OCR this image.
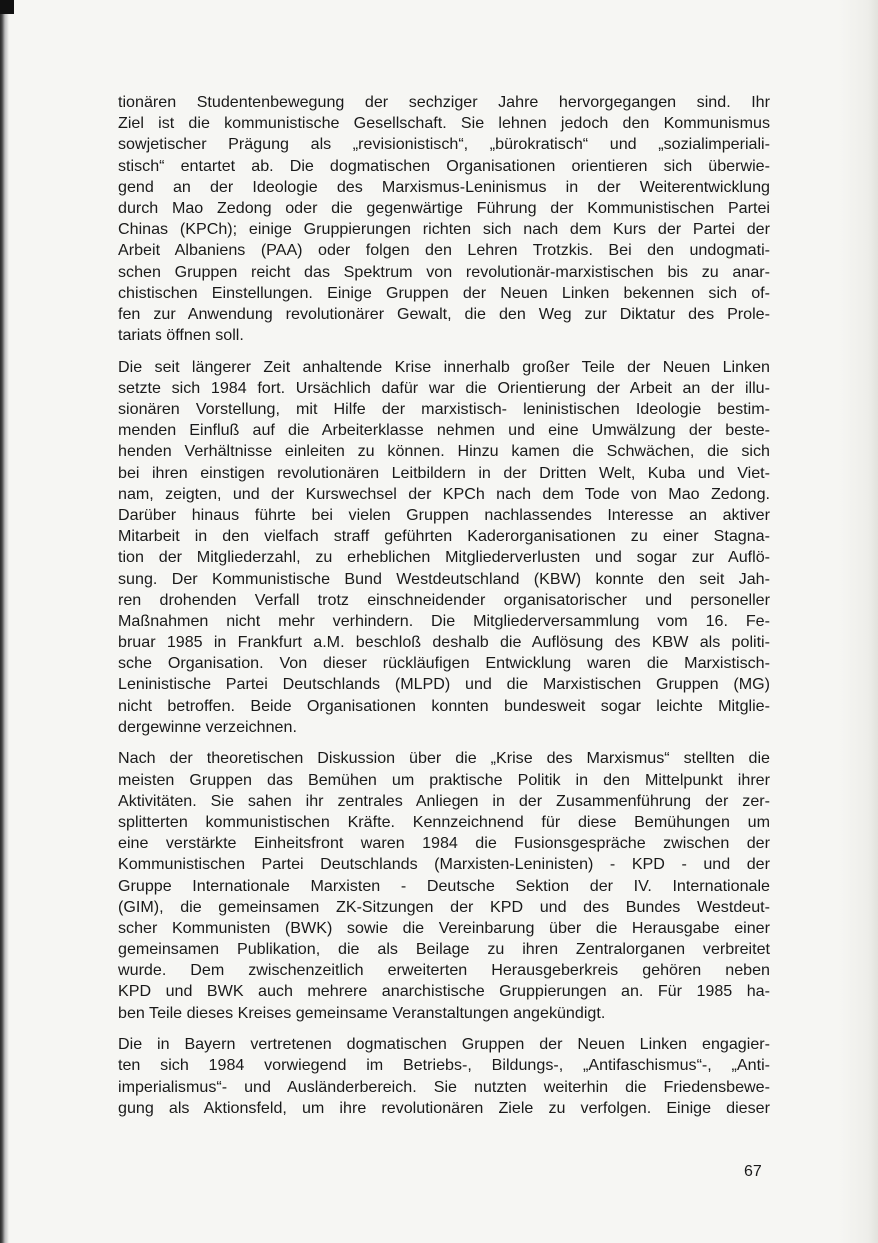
tionären Studentenbewegung der sechziger Jahre hervorgegangen sind. Ihr
Ziel ist die kommunistische Gesellschaft. Sie lehnen jedoch den Kommunismus
sowjetischer Prägung als „revisionistisch“, „bürokratisch“ und „sozialimperiali-
stisch“ entartet ab. Die dogmatischen Organisationen orientieren sich überwie-
gend an der Ideologie des Marxismus-Leninismus in der Weiterentwicklung
durch Mao Zedong oder die gegenwärtige Führung der Kommunistischen Partei
Chinas (KPCh); einige Gruppierungen richten sich nach dem Kurs der Partei der
Arbeit Albaniens (PAA) oder folgen den Lehren Trotzkis. Bei den undogmati-
schen Gruppen reicht das Spektrum von revolutionär-marxistischen bis zu anar-
chistischen Einstellungen. Einige Gruppen der Neuen Linken bekennen sich of-
fen zur Anwendung revolutionärer Gewalt, die den Weg zur Diktatur des Prole-
tariats öffnen soll.
Die seit längerer Zeit anhaltende Krise innerhalb großer Teile der Neuen Linken
setzte sich 1984 fort. Ursächlich dafür war die Orientierung der Arbeit an der illu-
sionären Vorstellung, mit Hilfe der marxistisch- leninistischen Ideologie bestim-
menden Einfluß auf die Arbeiterklasse nehmen und eine Umwälzung der beste-
henden Verhältnisse einleiten zu können. Hinzu kamen die Schwächen, die sich
bei ihren einstigen revolutionären Leitbildern in der Dritten Welt, Kuba und Viet-
nam, zeigten, und der Kurswechsel der KPCh nach dem Tode von Mao Zedong.
Darüber hinaus führte bei vielen Gruppen nachlassendes Interesse an aktiver
Mitarbeit in den vielfach straff geführten Kaderorganisationen zu einer Stagna-
tion der Mitgliederzahl, zu erheblichen Mitgliederverlusten und sogar zur Auflö-
sung. Der Kommunistische Bund Westdeutschland (KBW) konnte den seit Jah-
ren drohenden Verfall trotz einschneidender organisatorischer und personeller
Maßnahmen nicht mehr verhindern. Die Mitgliederversammlung vom 16. Fe-
bruar 1985 in Frankfurt a.M. beschloß deshalb die Auflösung des KBW als politi-
sche Organisation. Von dieser rückläufigen Entwicklung waren die Marxistisch-
Leninistische Partei Deutschlands (MLPD) und die Marxistischen Gruppen (MG)
nicht betroffen. Beide Organisationen konnten bundesweit sogar leichte Mitglie-
dergewinne verzeichnen.
Nach der theoretischen Diskussion über die „Krise des Marxismus“ stellten die
meisten Gruppen das Bemühen um praktische Politik in den Mittelpunkt ihrer
Aktivitäten. Sie sahen ihr zentrales Anliegen in der Zusammenführung der zer-
splitterten kommunistischen Kräfte. Kennzeichnend für diese Bemühungen um
eine verstärkte Einheitsfront waren 1984 die Fusionsgespräche zwischen der
Kommunistischen Partei Deutschlands (Marxisten-Leninisten) - KPD - und der
Gruppe Internationale Marxisten - Deutsche Sektion der IV. Internationale
(GIM), die gemeinsamen ZK-Sitzungen der KPD und des Bundes Westdeut-
scher Kommunisten (BWK) sowie die Vereinbarung über die Herausgabe einer
gemeinsamen Publikation, die als Beilage zu ihren Zentralorganen verbreitet
wurde. Dem zwischenzeitlich erweiterten Herausgeberkreis gehören neben
KPD und BWK auch mehrere anarchistische Gruppierungen an. Für 1985 ha-
ben Teile dieses Kreises gemeinsame Veranstaltungen angekündigt.
Die in Bayern vertretenen dogmatischen Gruppen der Neuen Linken engagier-
ten sich 1984 vorwiegend im Betriebs-, Bildungs-, „Antifaschismus“-, „Anti-
imperialismus“- und Ausländerbereich. Sie nutzten weiterhin die Friedensbewe-
gung als Aktionsfeld, um ihre revolutionären Ziele zu verfolgen. Einige dieser
67
